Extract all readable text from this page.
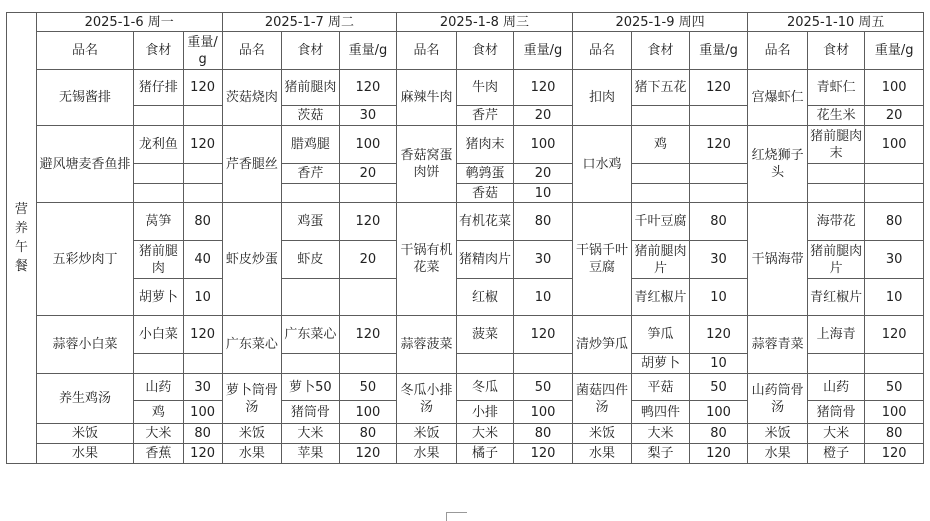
营养午餐	2025-1-6 周一			2025-1-7 周二			2025-1-8 周三			2025-1-9 周四			2025-1-10 周五		
	品名	食材	重量/g	品名	食材	重量/g	品名	食材	重量/g	品名	食材	重量/g	品名	食材	重量/g
	无锡酱排	猪仔排	120	茨菇烧肉	猪前腿肉	120	麻辣牛肉	牛肉	120	扣肉	猪下五花	120	宫爆虾仁	青虾仁	100
					茨菇	30		香芹	20					花生米	20
	避风塘麦香鱼排	龙利鱼	120	芹香腿丝	腊鸡腿	100	香菇窝蛋肉饼	猪肉末	100	口水鸡	鸡	120	红烧狮子头	猪前腿肉末	100
					香芹	20		鹌鹑蛋	20						
								香菇	10						
	五彩炒肉丁	莴笋	80	虾皮炒蛋	鸡蛋	120	干锅有机花菜	有机花菜	80	干锅千叶豆腐	千叶豆腐	80	干锅海带	海带花	80
		猪前腿肉	40		虾皮	20		猪精肉片	30		猪前腿肉片	30		猪前腿肉片	30
		胡萝卜	10					红椒	10		青红椒片	10		青红椒片	10
	蒜蓉小白菜	小白菜	120	广东菜心	广东菜心	120	蒜蓉菠菜	菠菜	120	清炒笋瓜	笋瓜	120	蒜蓉青菜	上海青	120
											胡萝卜	10			
	养生鸡汤	山药	30	萝卜筒骨汤	萝卜50	50	冬瓜小排汤	冬瓜	50	菌菇四件汤	平菇	50	山药筒骨汤	山药	50
		鸡	100		猪筒骨	100		小排	100		鸭四件	100		猪筒骨	100
	米饭	大米	80	米饭	大米	80	米饭	大米	80	米饭	大米	80	米饭	大米	80
	水果	香蕉	120	水果	苹果	120	水果	橘子	120	水果	梨子	120	水果	橙子	120
